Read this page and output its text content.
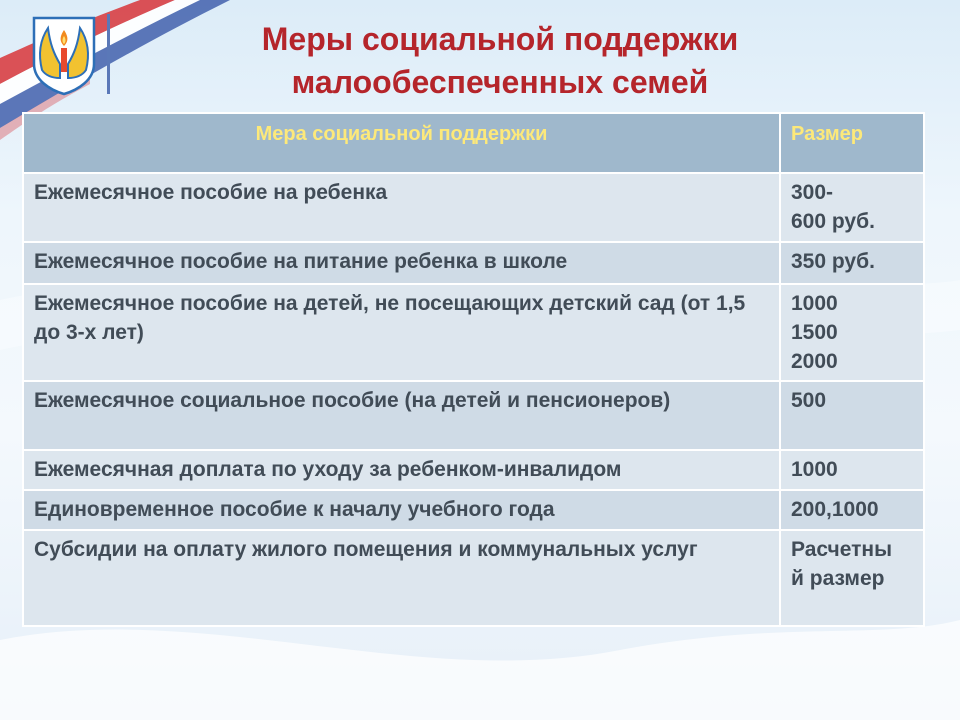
Меры социальной поддержки
малообеспеченных семей
Мера социальной поддержки	Размер
Ежемесячное пособие на ребенка	300-
600 руб.

Ежемесячное пособие на питание ребенка в школе	350 руб.

Ежемесячное пособие на детей, не посещающих детский сад (от 1,5 до 3-х лет)	1000
1500
2000

Ежемесячное социальное пособие (на детей и пенсионеров)	500

Ежемесячная доплата по уходу за ребенком-инвалидом	1000

Единовременное пособие к началу учебного года	200,1000

Субсидии на оплату жилого помещения и коммунальных услуг	Расчетны
й размер
